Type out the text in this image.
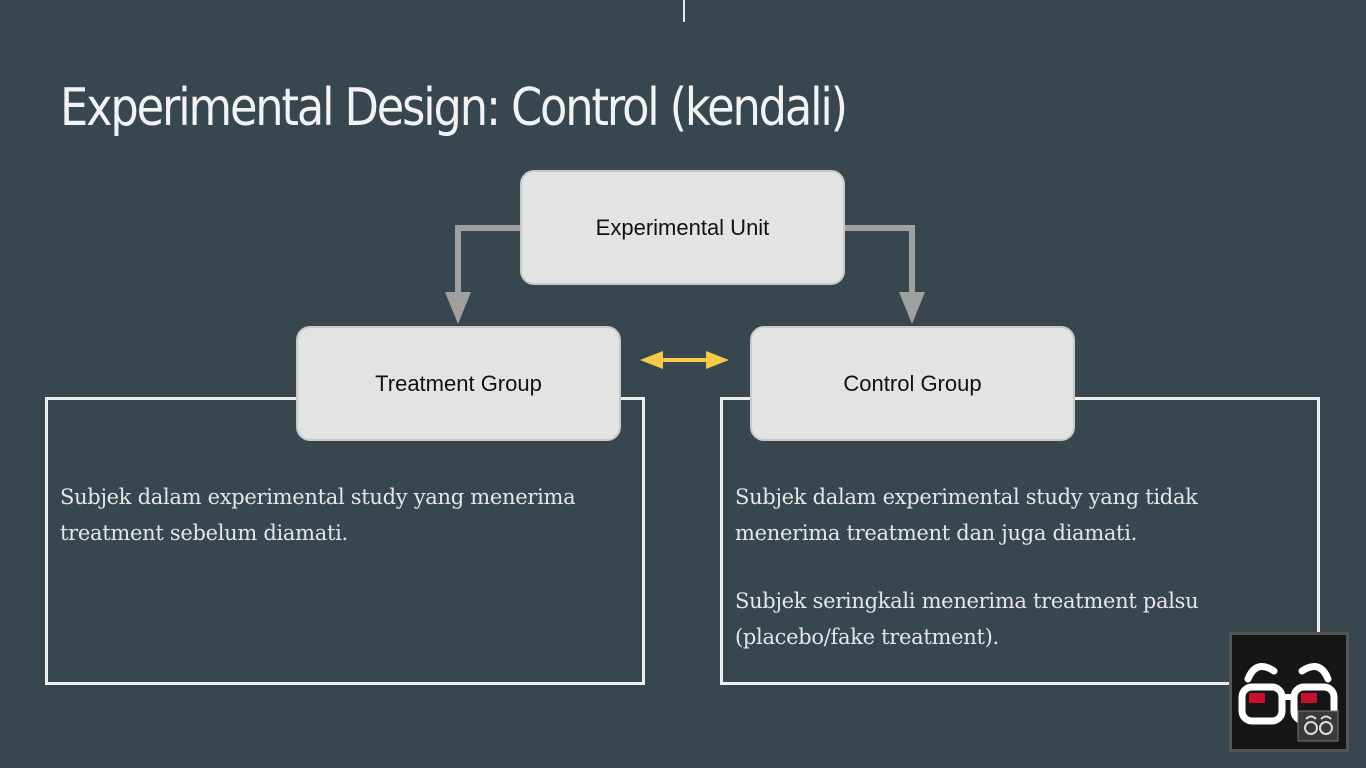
Experimental Design: Control (kendali)
Experimental Unit
Treatment Group	Control Group

Subjek dalam experimental study yang menerima treatment sebelum diamati.

Subjek dalam experimental study yang tidak menerima treatment dan juga diamati.

Subjek seringkali menerima treatment palsu (placebo/fake treatment).
